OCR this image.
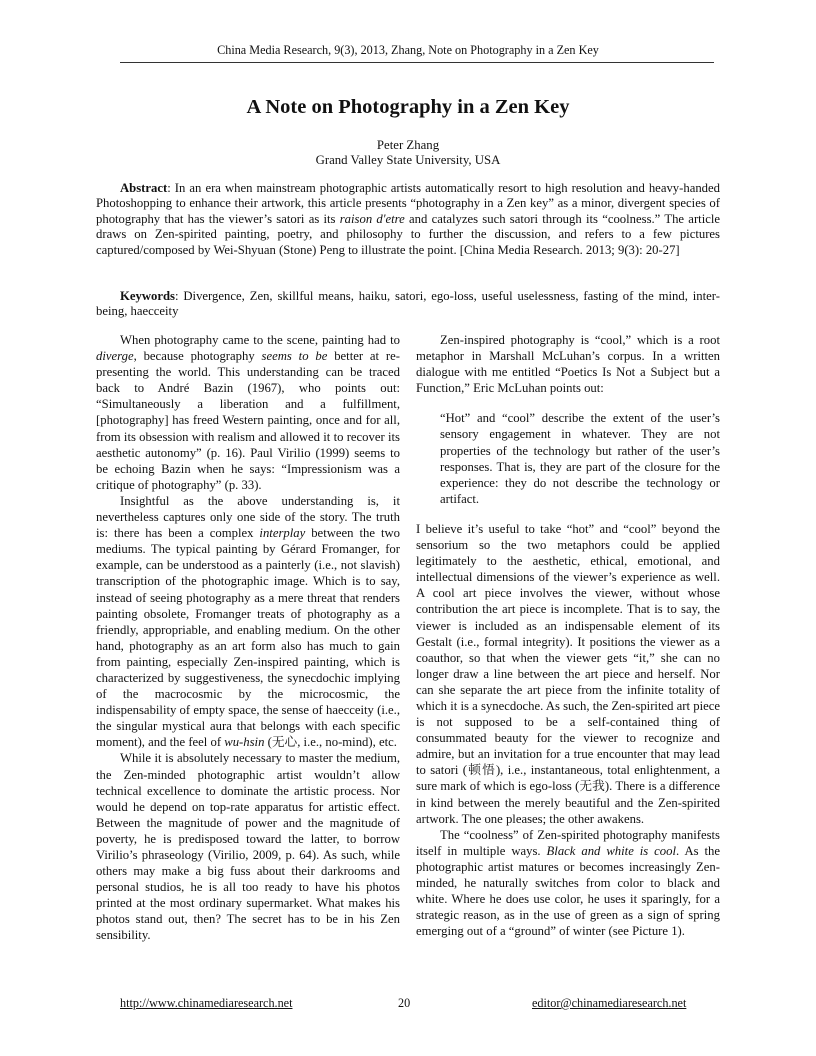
China Media Research, 9(3), 2013, Zhang, Note on Photography in a Zen Key
A Note on Photography in a Zen Key
Peter Zhang
Grand Valley State University, USA

Abstract: In an era when mainstream photographic artists automatically resort to high resolution and heavy-handed Photoshopping to enhance their artwork, this article presents “photography in a Zen key” as a minor, divergent species of photography that has the viewer’s satori as its raison d'etre and catalyzes such satori through its “coolness.” The article draws on Zen-spirited painting, poetry, and philosophy to further the discussion, and refers to a few pictures captured/composed by Wei-Shyuan (Stone) Peng to illustrate the point. [China Media Research. 2013; 9(3): 20-27]

Keywords: Divergence, Zen, skillful means, haiku, satori, ego-loss, useful uselessness, fasting of the mind, inter-being, haecceity

When photography came to the scene, painting had to diverge, because photography seems to be better at re-presenting the world. This understanding can be traced back to André Bazin (1967), who points out: “Simultaneously a liberation and a fulfillment, [photography] has freed Western painting, once and for all, from its obsession with realism and allowed it to recover its aesthetic autonomy” (p. 16). Paul Virilio (1999) seems to be echoing Bazin when he says: “Impressionism was a critique of photography” (p. 33).

Insightful as the above understanding is, it nevertheless captures only one side of the story. The truth is: there has been a complex interplay between the two mediums. The typical painting by Gérard Fromanger, for example, can be understood as a painterly (i.e., not slavish) transcription of the photographic image. Which is to say, instead of seeing photography as a mere threat that renders painting obsolete, Fromanger treats of photography as a friendly, appropriable, and enabling medium. On the other hand, photography as an art form also has much to gain from painting, especially Zen-inspired painting, which is characterized by suggestiveness, the synecdochic implying of the macrocosmic by the microcosmic, the indispensability of empty space, the sense of haecceity (i.e., the singular mystical aura that belongs with each specific moment), and the feel of wu-hsin (无心, i.e., no-mind), etc.

While it is absolutely necessary to master the medium, the Zen-minded photographic artist wouldn’t allow technical excellence to dominate the artistic process. Nor would he depend on top-rate apparatus for artistic effect. Between the magnitude of power and the magnitude of poverty, he is predisposed toward the latter, to borrow Virilio’s phraseology (Virilio, 2009, p. 64). As such, while others may make a big fuss about their darkrooms and personal studios, he is all too ready to have his photos printed at the most ordinary supermarket. What makes his photos stand out, then? The secret has to be in his Zen sensibility.

Zen-inspired photography is “cool,” which is a root metaphor in Marshall McLuhan’s corpus. In a written dialogue with me entitled “Poetics Is Not a Subject but a Function,” Eric McLuhan points out:

“Hot” and “cool” describe the extent of the user’s sensory engagement in whatever. They are not properties of the technology but rather of the user’s responses. That is, they are part of the closure for the experience: they do not describe the technology or artifact.

I believe it’s useful to take “hot” and “cool” beyond the sensorium so the two metaphors could be applied legitimately to the aesthetic, ethical, emotional, and intellectual dimensions of the viewer’s experience as well. A cool art piece involves the viewer, without whose contribution the art piece is incomplete. That is to say, the viewer is included as an indispensable element of its Gestalt (i.e., formal integrity). It positions the viewer as a coauthor, so that when the viewer gets “it,” she can no longer draw a line between the art piece and herself. Nor can she separate the art piece from the infinite totality of which it is a synecdoche. As such, the Zen-spirited art piece is not supposed to be a self-contained thing of consummated beauty for the viewer to recognize and admire, but an invitation for a true encounter that may lead to satori (顿悟), i.e., instantaneous, total enlightenment, a sure mark of which is ego-loss (无我). There is a difference in kind between the merely beautiful and the Zen-spirited artwork. The one pleases; the other awakens.

The “coolness” of Zen-spirited photography manifests itself in multiple ways. Black and white is cool. As the photographic artist matures or becomes increasingly Zen-minded, he naturally switches from color to black and white. Where he does use color, he uses it sparingly, for a strategic reason, as in the use of green as a sign of spring emerging out of a “ground” of winter (see Picture 1).

http://www.chinamediaresearch.net	20	editor@chinamediaresearch.net
